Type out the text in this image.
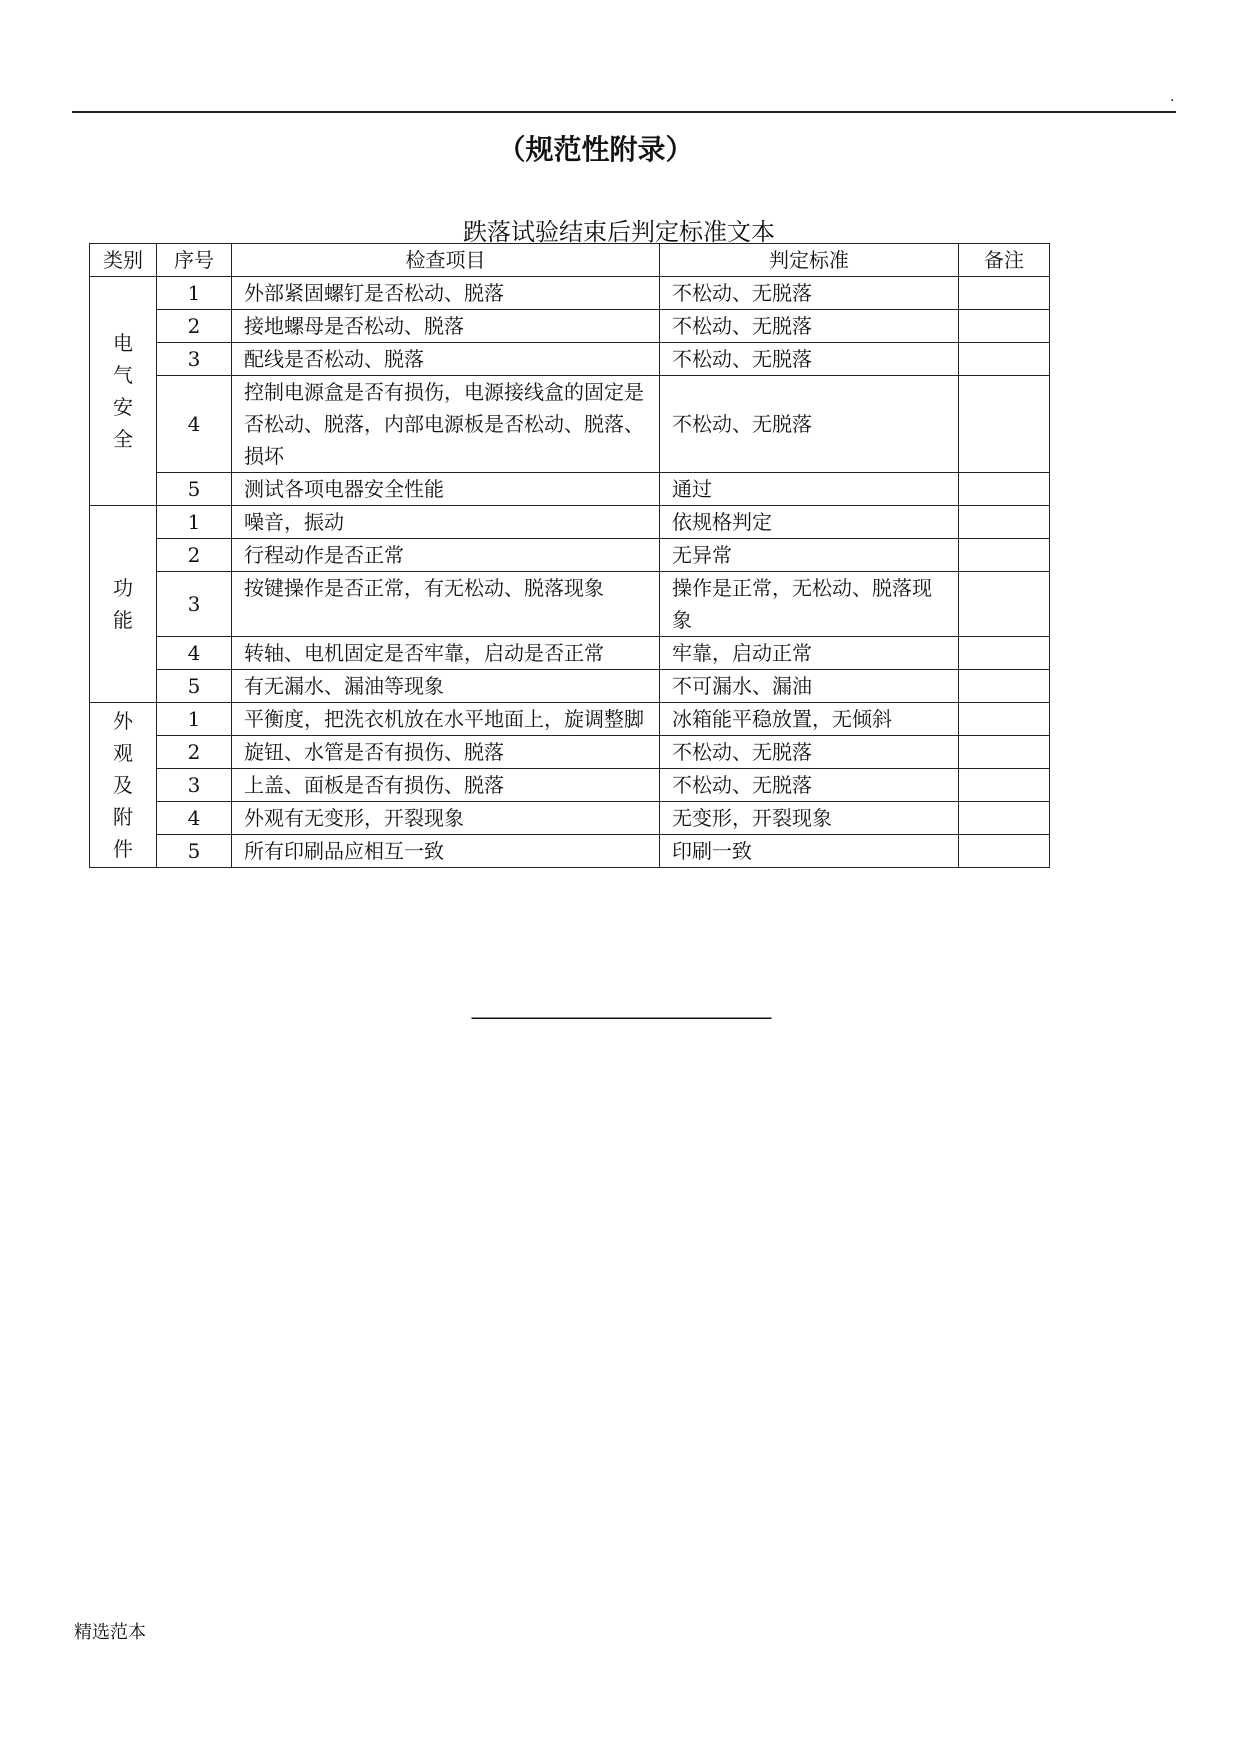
.
（规范性附录）
跌落试验结束后判定标准文本
类别	序号	检查项目	判定标准	备注
电气安全	1	外部紧固螺钉是否松动、脱落	不松动、无脱落	
	2	接地螺母是否松动、脱落	不松动、无脱落	
	3	配线是否松动、脱落	不松动、无脱落	
	4	控制电源盒是否有损伤，电源接线盒的固定是否松动、脱落，内部电源板是否松动、脱落、损坏	不松动、无脱落	
	5	测试各项电器安全性能	通过	
功能	1	噪音，振动	依规格判定	
	2	行程动作是否正常	无异常	
	3	按键操作是否正常，有无松动、脱落现象	操作是正常，无松动、脱落现象	
	4	转轴、电机固定是否牢靠，启动是否正常	牢靠，启动正常	
	5	有无漏水、漏油等现象	不可漏水、漏油	
外观及附件	1	平衡度，把洗衣机放在水平地面上，旋调整脚	冰箱能平稳放置，无倾斜	
	2	旋钮、水管是否有损伤、脱落	不松动、无脱落	
	3	上盖、面板是否有损伤、脱落	不松动、无脱落	
	4	外观有无变形，开裂现象	无变形，开裂现象	
	5	所有印刷品应相互一致	印刷一致	
———————————————
精选范本
